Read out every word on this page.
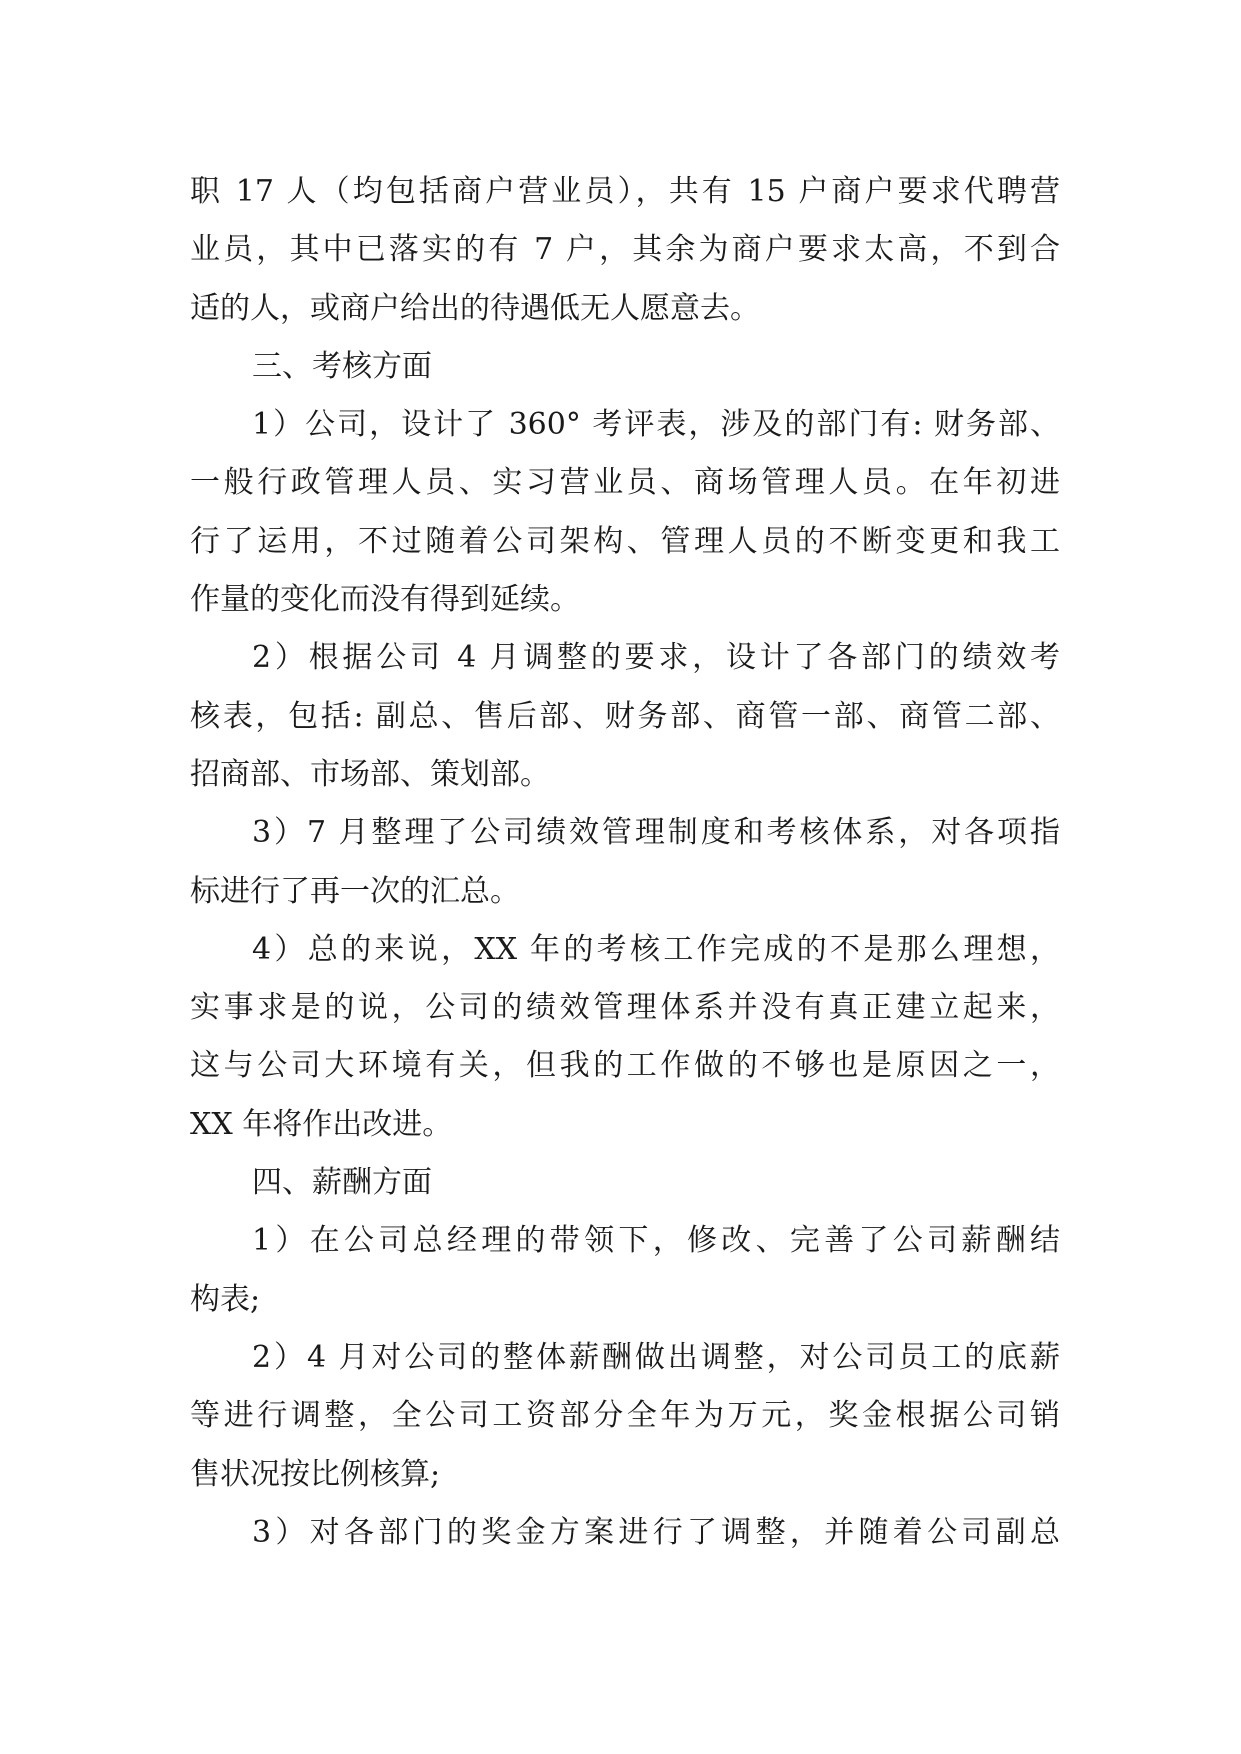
职 17 人（均包括商户营业员），共有 15 户商户要求代聘营
业员，其中已落实的有 7 户，其余为商户要求太高，不到合
适的人，或商户给出的待遇低无人愿意去。
三、考核方面
1）公司，设计了 360° 考评表，涉及的部门有: 财务部、
一般行政管理人员、实习营业员、商场管理人员。在年初进
行了运用，不过随着公司架构、管理人员的不断变更和我工
作量的变化而没有得到延续。
2）根据公司 4 月调整的要求，设计了各部门的绩效考
核表，包括: 副总、售后部、财务部、商管一部、商管二部、
招商部、市场部、策划部。
3）7 月整理了公司绩效管理制度和考核体系，对各项指
标进行了再一次的汇总。
4）总的来说，XX 年的考核工作完成的不是那么理想，
实事求是的说，公司的绩效管理体系并没有真正建立起来，
这与公司大环境有关，但我的工作做的不够也是原因之一，
XX 年将作出改进。
四、薪酬方面
1）在公司总经理的带领下，修改、完善了公司薪酬结
构表;
2）4 月对公司的整体薪酬做出调整，对公司员工的底薪
等进行调整，全公司工资部分全年为万元，奖金根据公司销
售状况按比例核算;
3）对各部门的奖金方案进行了调整，并随着公司副总
